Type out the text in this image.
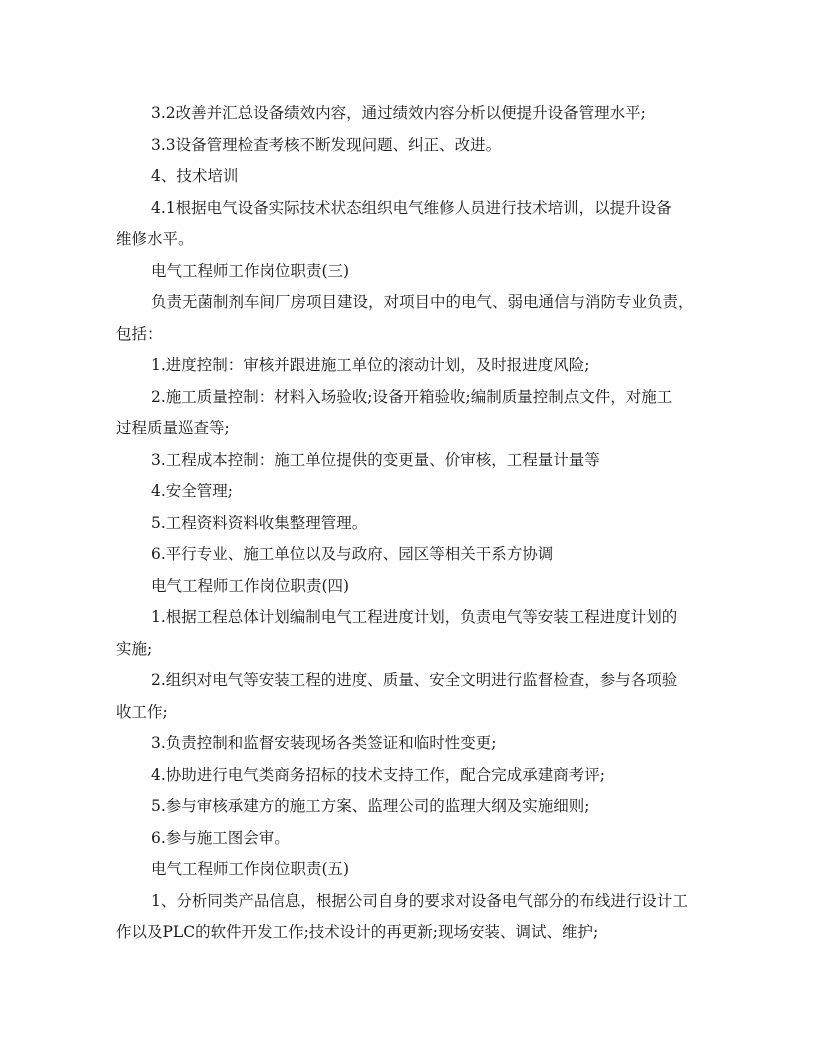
3.2改善并汇总设备绩效内容，通过绩效内容分析以便提升设备管理水平;

3.3设备管理检查考核不断发现问题、纠正、改进。

4、技术培训

4.1根据电气设备实际技术状态组织电气维修人员进行技术培训，以提升设备

维修水平。

电气工程师工作岗位职责(三)

负责无菌制剂车间厂房项目建设，对项目中的电气、弱电通信与消防专业负责，

包括：

1.进度控制：审核并跟进施工单位的滚动计划，及时报进度风险;

2.施工质量控制：材料入场验收;设备开箱验收;编制质量控制点文件，对施工

过程质量巡查等;

3.工程成本控制：施工单位提供的变更量、价审核，工程量计量等

4.安全管理;

5.工程资料资料收集整理管理。

6.平行专业、施工单位以及与政府、园区等相关干系方协调

电气工程师工作岗位职责(四)

1.根据工程总体计划编制电气工程进度计划，负责电气等安装工程进度计划的

实施;

2.组织对电气等安装工程的进度、质量、安全文明进行监督检查，参与各项验

收工作;

3.负责控制和监督安装现场各类签证和临时性变更;

4.协助进行电气类商务招标的技术支持工作，配合完成承建商考评;

5.参与审核承建方的施工方案、监理公司的监理大纲及实施细则;

6.参与施工图会审。

电气工程师工作岗位职责(五)

1、分析同类产品信息，根据公司自身的要求对设备电气部分的布线进行设计工

作以及PLC的软件开发工作;技术设计的再更新;现场安装、调试、维护;
